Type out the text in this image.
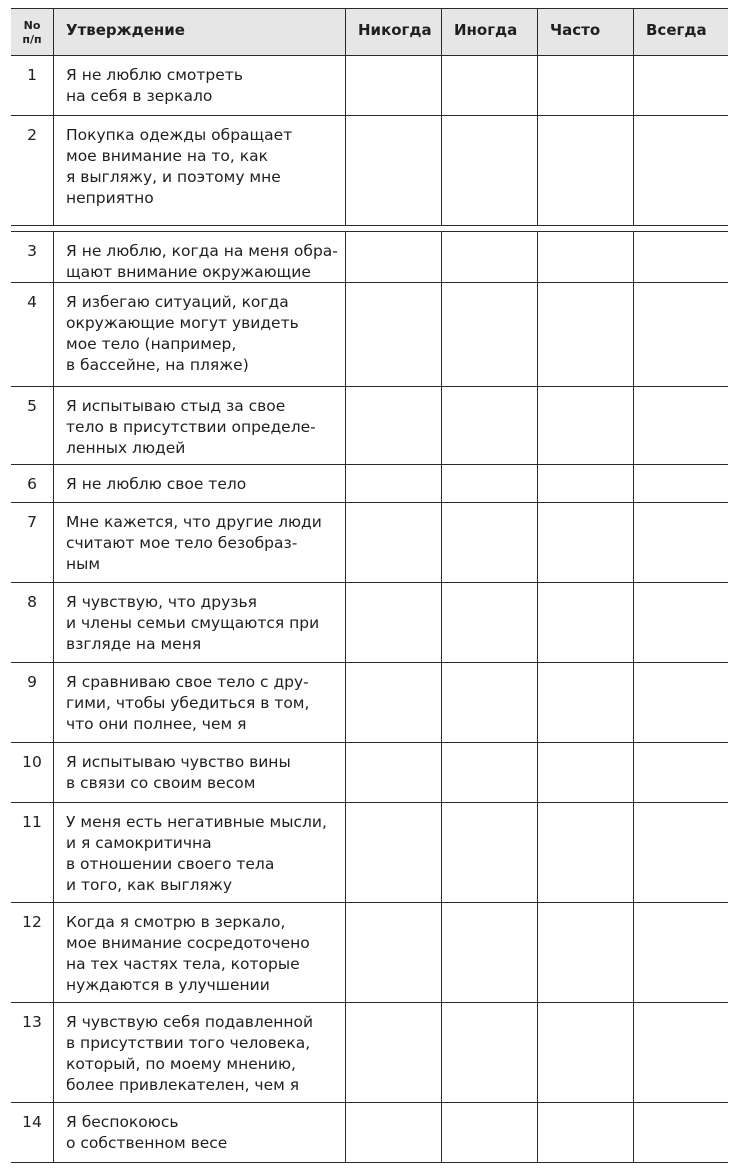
No
п/п
Утверждение	Никогда	Иногда	Часто	Всегда
1	Я не люблю смотреть
на себя в зеркало
2	Покупка одежды обращает
мое внимание на то, как
я выгляжу, и поэтому мне
неприятно
3	Я не люблю, когда на меня обра-
щают внимание окружающие
4	Я избегаю ситуаций, когда
окружающие могут увидеть
мое тело (например,
в бассейне, на пляже)
5	Я испытываю стыд за свое
тело в присутствии определе-
ленных людей
6	Я не люблю свое тело
7	Мне кажется, что другие люди
считают мое тело безобраз-
ным
8	Я чувствую, что друзья
и члены семьи смущаются при
взгляде на меня
9	Я сравниваю свое тело с дру-
гими, чтобы убедиться в том,
что они полнее, чем я
10	Я испытываю чувство вины
в связи со своим весом
11	У меня есть негативные мысли,
и я самокритична
в отношении своего тела
и того, как выгляжу
12	Когда я смотрю в зеркало,
мое внимание сосредоточено
на тех частях тела, которые
нуждаются в улучшении
13	Я чувствую себя подавленной
в присутствии того человека,
который, по моему мнению,
более привлекателен, чем я
14	Я беспокоюсь
о собственном весе
